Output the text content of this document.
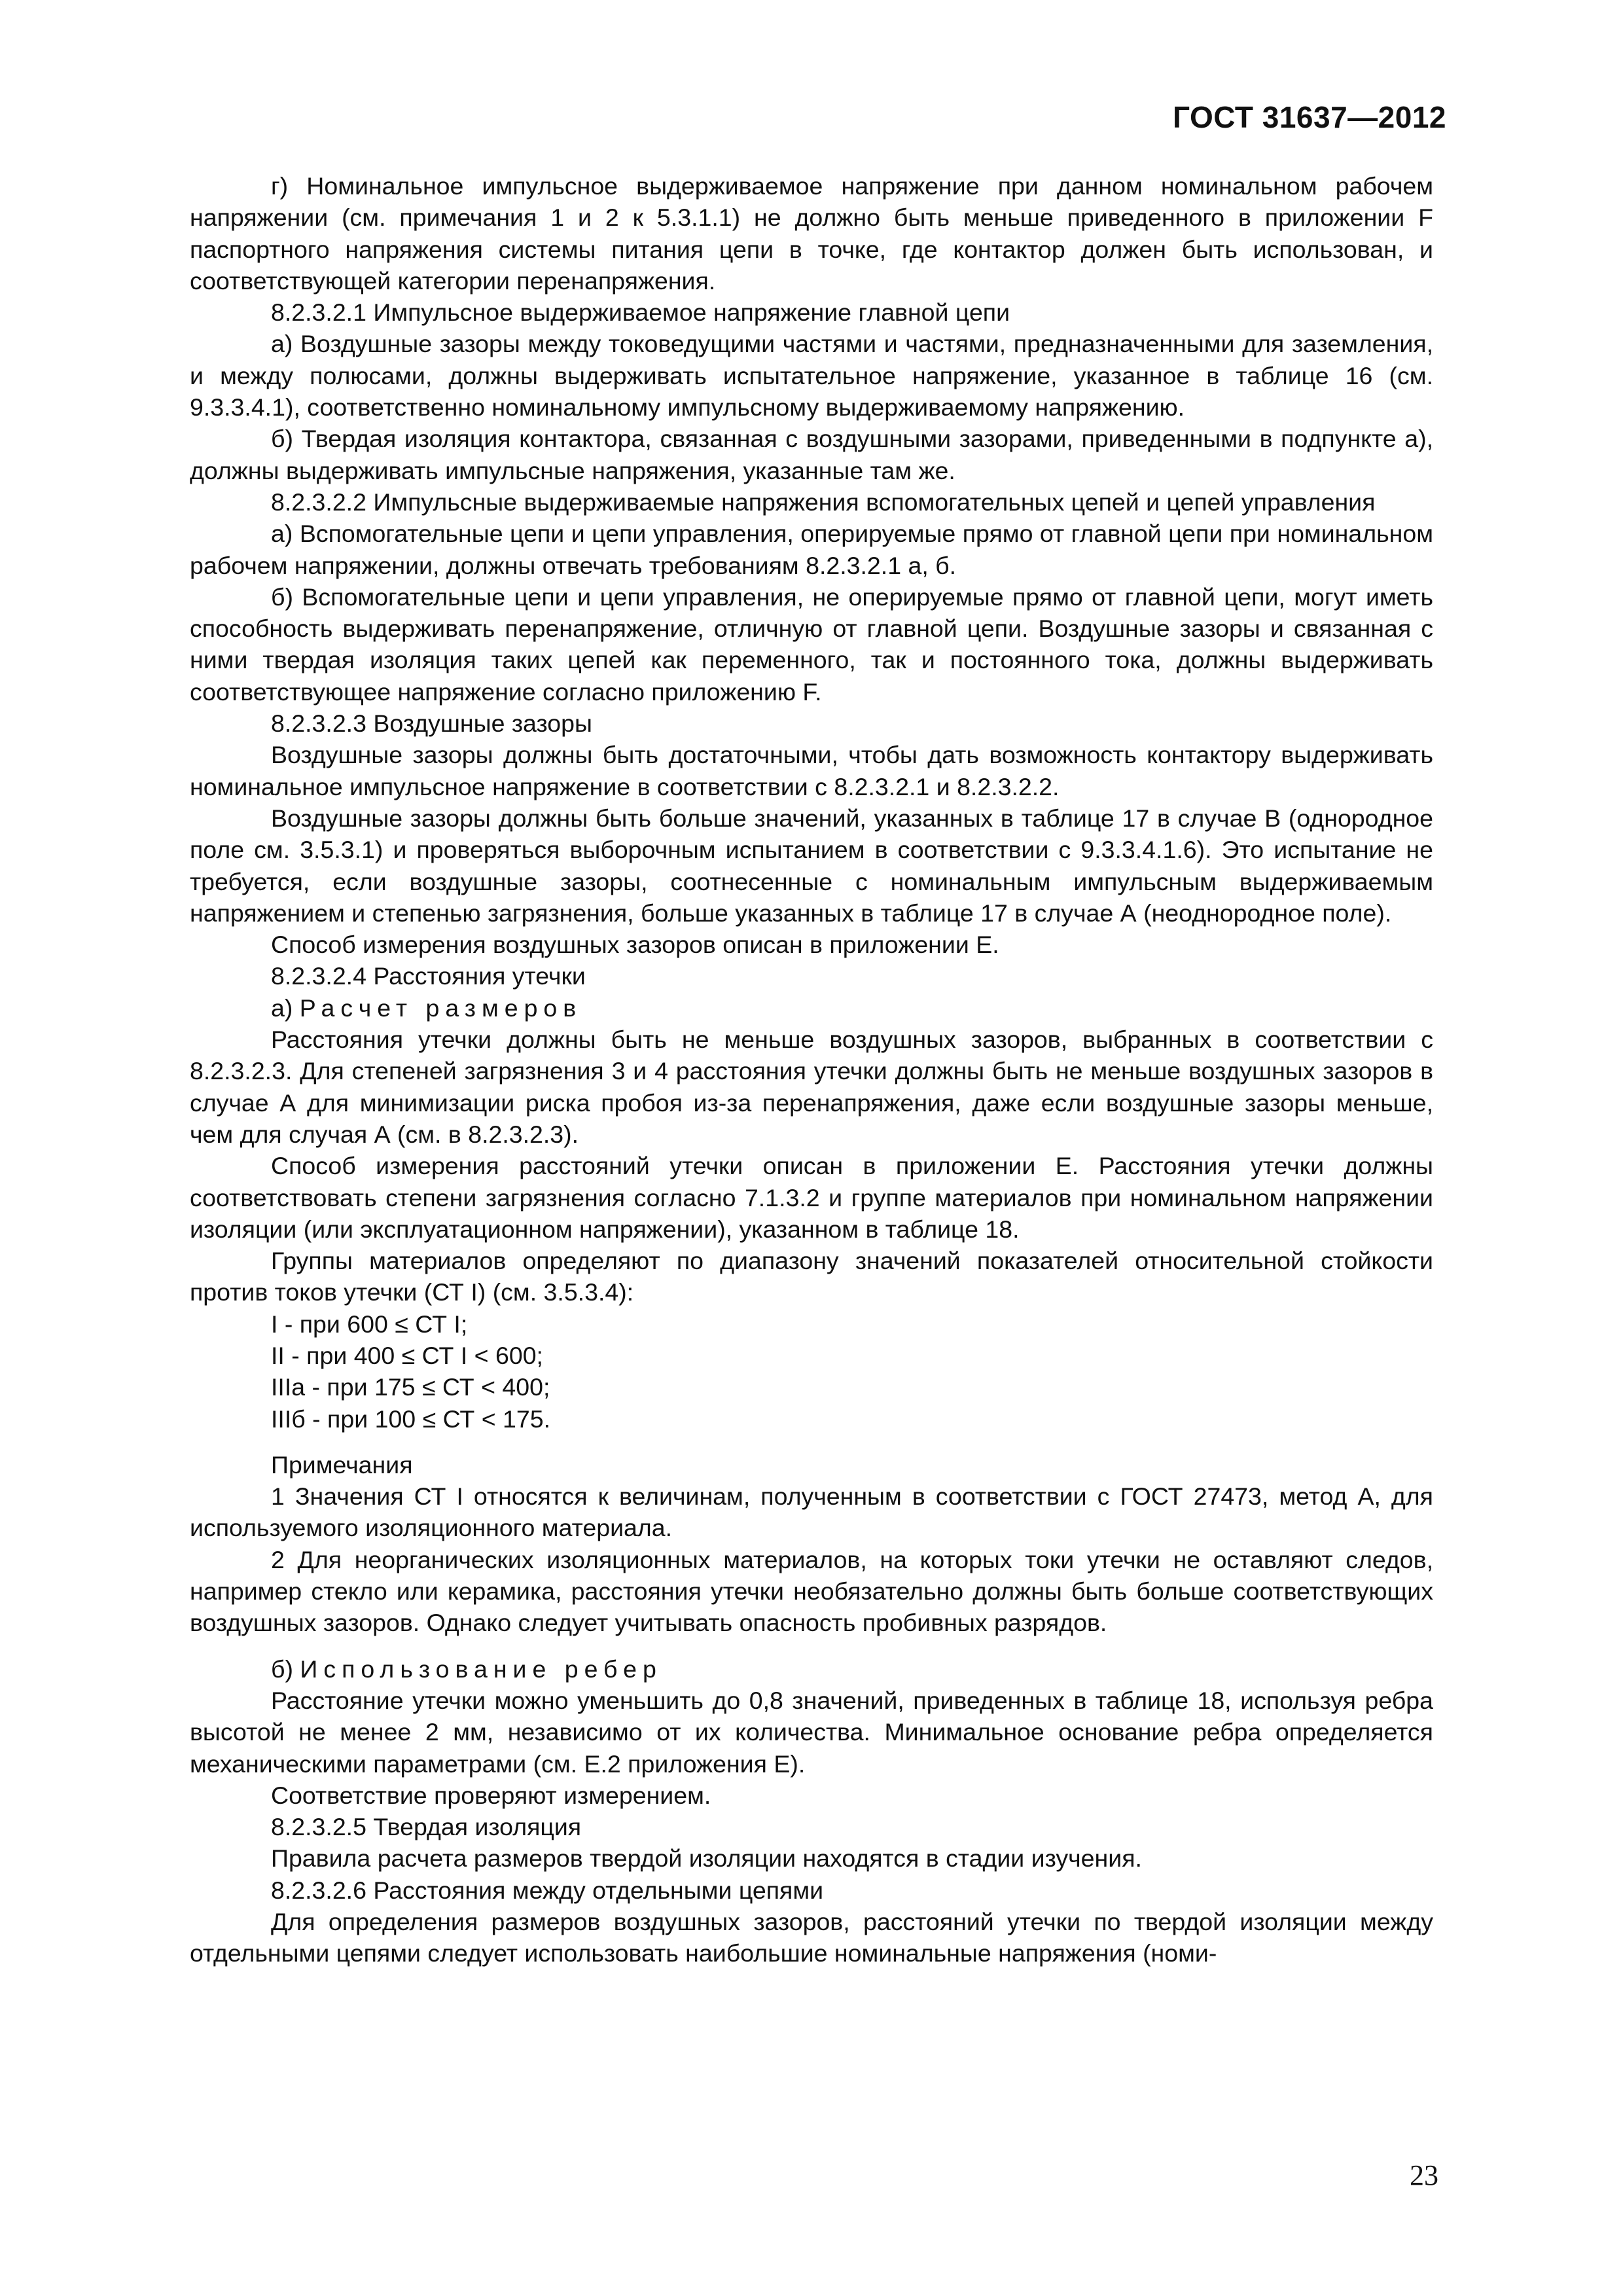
ГОСТ 31637—2012

г) Номинальное импульсное выдерживаемое напряжение при данном номинальном рабочем напряжении (см. примечания 1 и 2 к 5.3.1.1) не должно быть меньше приведенного в приложении F паспортного напряжения системы питания цепи в точке, где контактор должен быть использован, и соответствующей категории перенапряжения.

8.2.3.2.1 Импульсное выдерживаемое напряжение главной цепи

а) Воздушные зазоры между токоведущими частями и частями, предназначенными для заземления, и между полюсами, должны выдерживать испытательное напряжение, указанное в таблице 16 (см. 9.3.3.4.1), соответственно номинальному импульсному выдерживаемому напряжению.

б) Твердая изоляция контактора, связанная с воздушными зазорами, приведенными в подпункте а), должны выдерживать импульсные напряжения, указанные там же.

8.2.3.2.2 Импульсные выдерживаемые напряжения вспомогательных цепей и цепей управления

а) Вспомогательные цепи и цепи управления, оперируемые прямо от главной цепи при номинальном рабочем напряжении, должны отвечать требованиям 8.2.3.2.1 а, б.

б) Вспомогательные цепи и цепи управления, не оперируемые прямо от главной цепи, могут иметь способность выдерживать перенапряжение, отличную от главной цепи. Воздушные зазоры и связанная с ними твердая изоляция таких цепей как переменного, так и постоянного тока, должны выдерживать соответствующее напряжение согласно приложению F.

8.2.3.2.3 Воздушные зазоры

Воздушные зазоры должны быть достаточными, чтобы дать возможность контактору выдерживать номинальное импульсное напряжение в соответствии с 8.2.3.2.1 и 8.2.3.2.2.

Воздушные зазоры должны быть больше значений, указанных в таблице 17 в случае В (однородное поле см. 3.5.3.1) и проверяться выборочным испытанием в соответствии с 9.3.3.4.1.6). Это испытание не требуется, если воздушные зазоры, соотнесенные с номинальным импульсным выдерживаемым напряжением и степенью загрязнения, больше указанных в таблице 17 в случае А (неоднородное поле).

Способ измерения воздушных зазоров описан в приложении Е.

8.2.3.2.4 Расстояния утечки

а) Расчет размеров

Расстояния утечки должны быть не меньше воздушных зазоров, выбранных в соответствии с 8.2.3.2.3. Для степеней загрязнения 3 и 4 расстояния утечки должны быть не меньше воздушных зазоров в случае А для минимизации риска пробоя из-за перенапряжения, даже если воздушные зазоры меньше, чем для случая А (см. в 8.2.3.2.3).

Способ измерения расстояний утечки описан в приложении Е. Расстояния утечки должны соответствовать степени загрязнения согласно 7.1.3.2 и группе материалов при номинальном напряжении изоляции (или эксплуатационном напряжении), указанном в таблице 18.

Группы материалов определяют по диапазону значений показателей относительной стойкости против токов утечки (СТ I) (см. 3.5.3.4):

I - при 600 ≤ СТ I;

II - при 400 ≤ СТ I < 600;

IIIа - при 175 ≤ СТ < 400;

IIIб - при 100 ≤ СТ < 175.

Примечания

1 Значения СТ I относятся к величинам, полученным в соответствии с ГОСТ 27473, метод А, для используемого изоляционного материала.

2 Для неорганических изоляционных материалов, на которых токи утечки не оставляют следов, например стекло или керамика, расстояния утечки необязательно должны быть больше соответствующих воздушных зазоров. Однако следует учитывать опасность пробивных разрядов.

б) Использование ребер

Расстояние утечки можно уменьшить до 0,8 значений, приведенных в таблице 18, используя ребра высотой не менее 2 мм, независимо от их количества. Минимальное основание ребра определяется механическими параметрами (см. Е.2 приложения Е).

Соответствие проверяют измерением.

8.2.3.2.5 Твердая изоляция

Правила расчета размеров твердой изоляции находятся в стадии изучения.

8.2.3.2.6 Расстояния между отдельными цепями

Для определения размеров воздушных зазоров, расстояний утечки по твердой изоляции между отдельными цепями следует использовать наибольшие номинальные напряжения (номи-

23
